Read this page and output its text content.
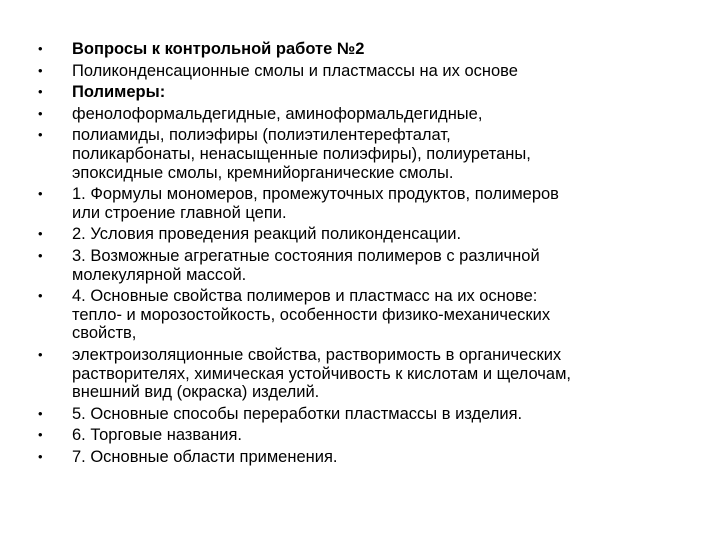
•	Вопросы к контрольной работе №2
•	Поликонденсационные смолы и пластмассы на их основе
•	Полимеры:
•	фенолоформальдегидные, аминоформальдегидные,
•	полиамиды, полиэфиры (полиэтилентерефталат,
поликарбонаты, ненасыщенные полиэфиры), полиуретаны,
эпоксидные смолы, кремнийорганические смолы.
•	1. Формулы мономеров, промежуточных продуктов, полимеров
или строение главной цепи.
•	2. Условия проведения реакций поликонденсации.
•	3. Возможные агрегатные состояния полимеров с различной
молекулярной массой.
•	4. Основные свойства полимеров и пластмасс на их основе:
тепло- и морозостойкость, особенности физико-механических
свойств,
•	электроизоляционные свойства, растворимость в органических
растворителях, химическая устойчивость к кислотам и щелочам,
внешний вид (окраска) изделий.
•	5. Основные способы переработки пластмассы в изделия.
•	6. Торговые названия.
•	7. Основные области применения.
